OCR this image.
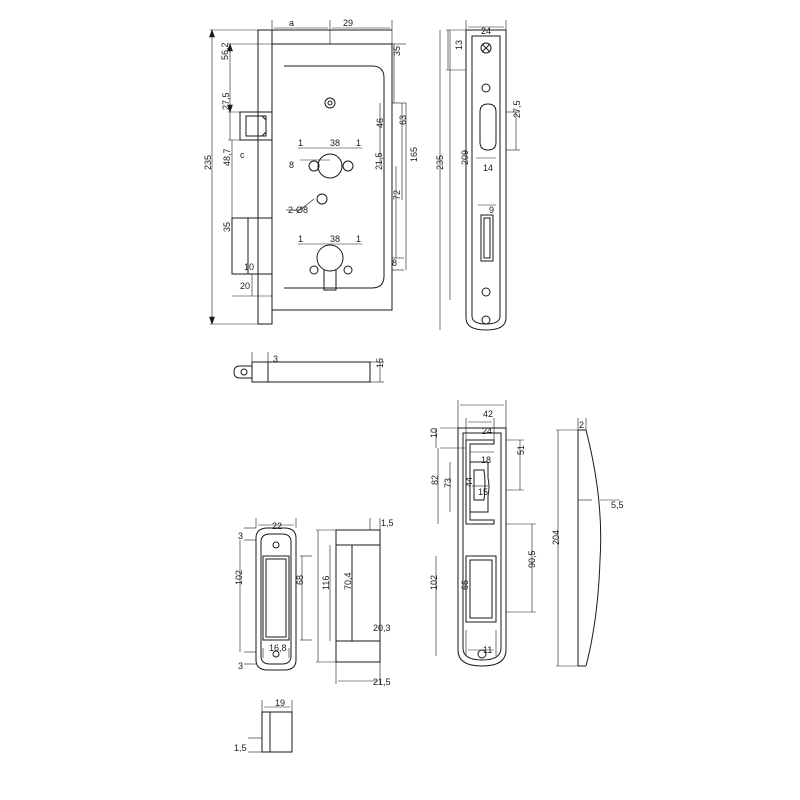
a	29
56,2	35
27,5
38
46 63
8
1	1
21,5	165
48,7 c
2-Ø8
72
235
35
38
1	1
8
10
20
24
13
27,5
14
9
209
235
3	15
22
3
102	68
16,8
3
19
1,5
1,5
116 70,4
20,3
21,5
42
24
10
18
15
51
82 73 44
90,5
102 66
11
2
5,5
204
